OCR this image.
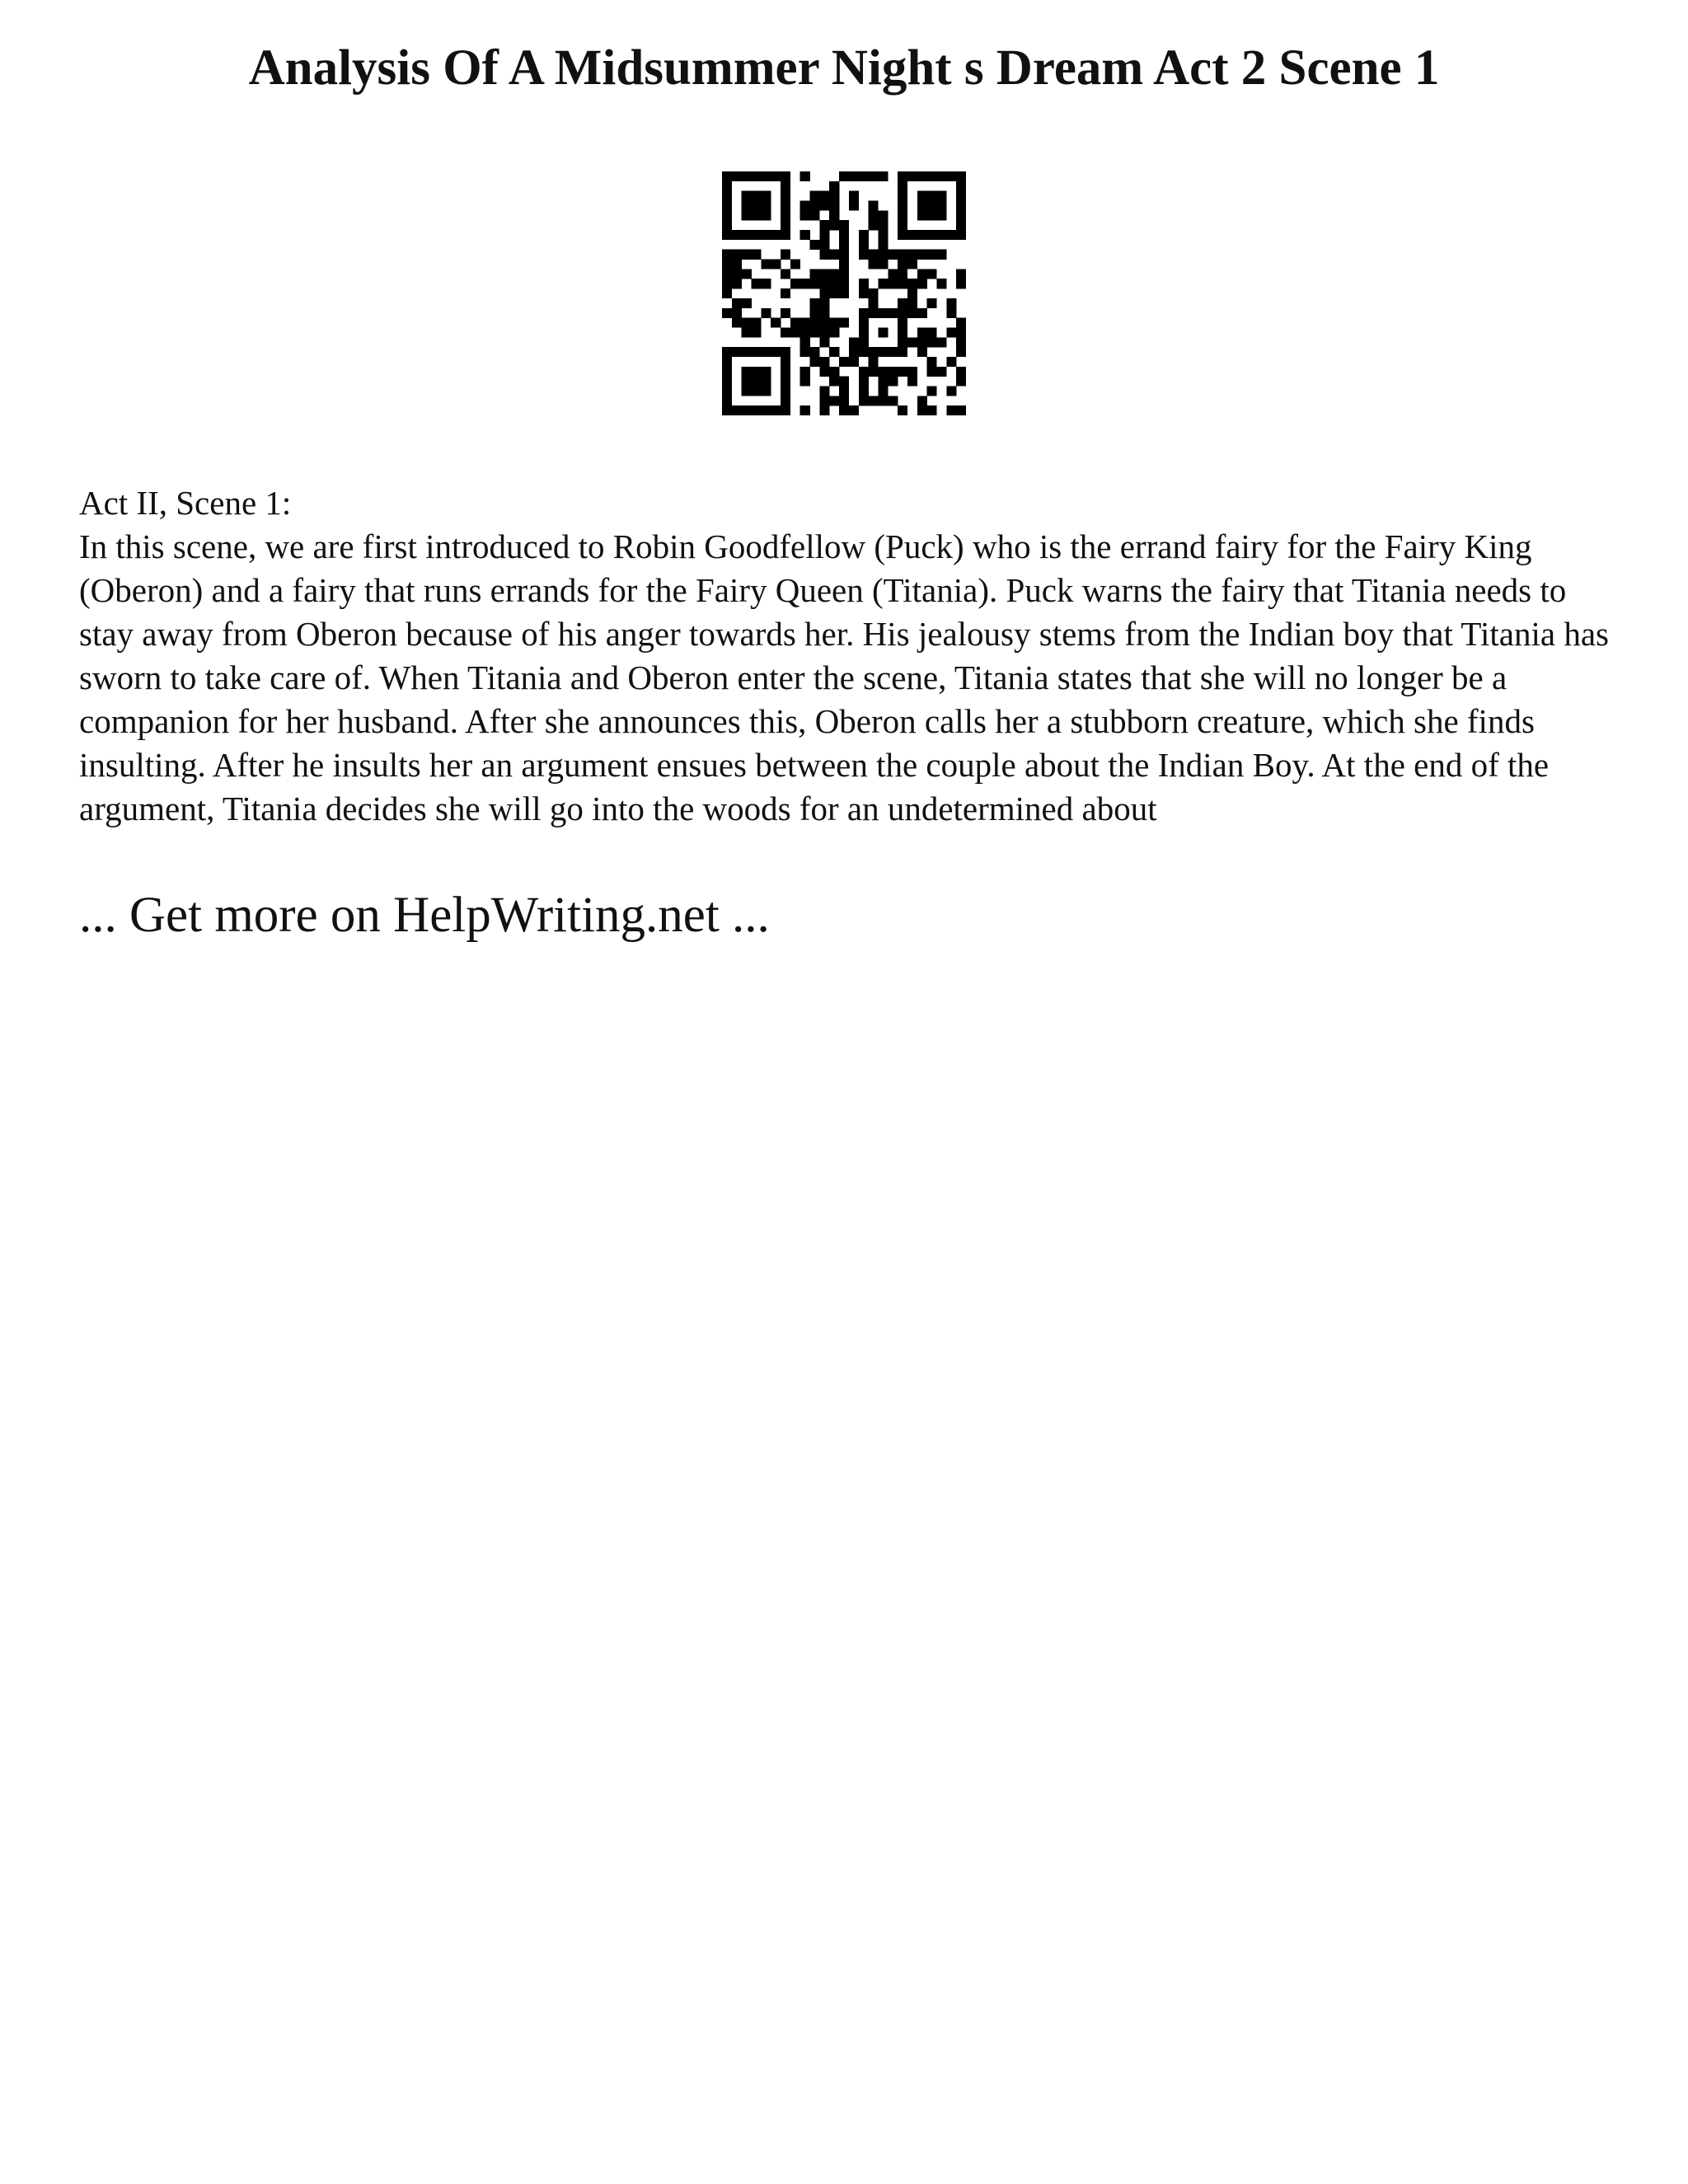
Analysis Of A Midsummer Night s Dream Act 2 Scene 1

Act II, Scene 1:

In this scene, we are first introduced to Robin Goodfellow (Puck) who is the errand fairy for the Fairy King (Oberon) and a fairy that runs errands for the Fairy Queen (Titania). Puck warns the fairy that Titania needs to stay away from Oberon because of his anger towards her. His jealousy stems from the Indian boy that Titania has sworn to take care of. When Titania and Oberon enter the scene, Titania states that she will no longer be a companion for her husband. After she announces this, Oberon calls her a stubborn creature, which she finds insulting. After he insults her an argument ensues between the couple about the Indian Boy. At the end of the argument, Titania decides she will go into the woods for an undetermined about

... Get more on HelpWriting.net ...
